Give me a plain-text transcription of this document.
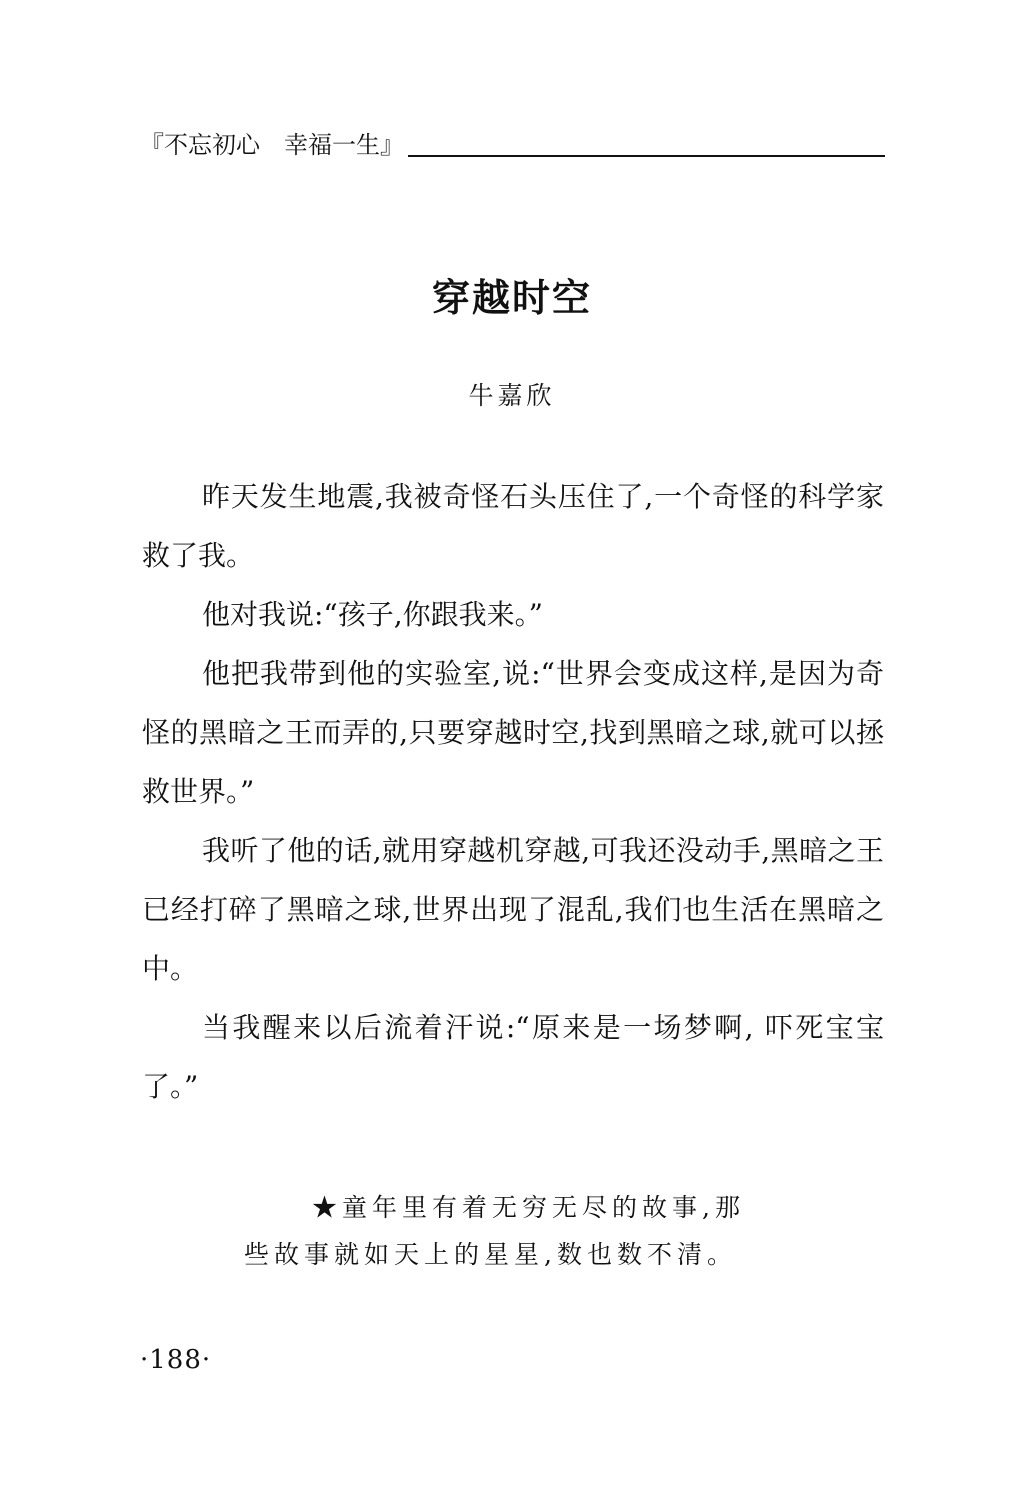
『不忘初心　幸福一生』
穿越时空
牛嘉欣

昨天发生地震,我被奇怪石头压住了,一个奇怪的科学家救了我。

他对我说:“孩子,你跟我来。”

他把我带到他的实验室,说:“世界会变成这样,是因为奇怪的黑暗之王而弄的,只要穿越时空,找到黑暗之球,就可以拯救世界。”

我听了他的话,就用穿越机穿越,可我还没动手,黑暗之王已经打碎了黑暗之球,世界出现了混乱,我们也生活在黑暗之中。

当我醒来以后流着汗说:“原来是一场梦啊, 吓死宝宝了。”

★童年里有着无穷无尽的故事,那
些故事就如天上的星星,数也数不清。
·188·
